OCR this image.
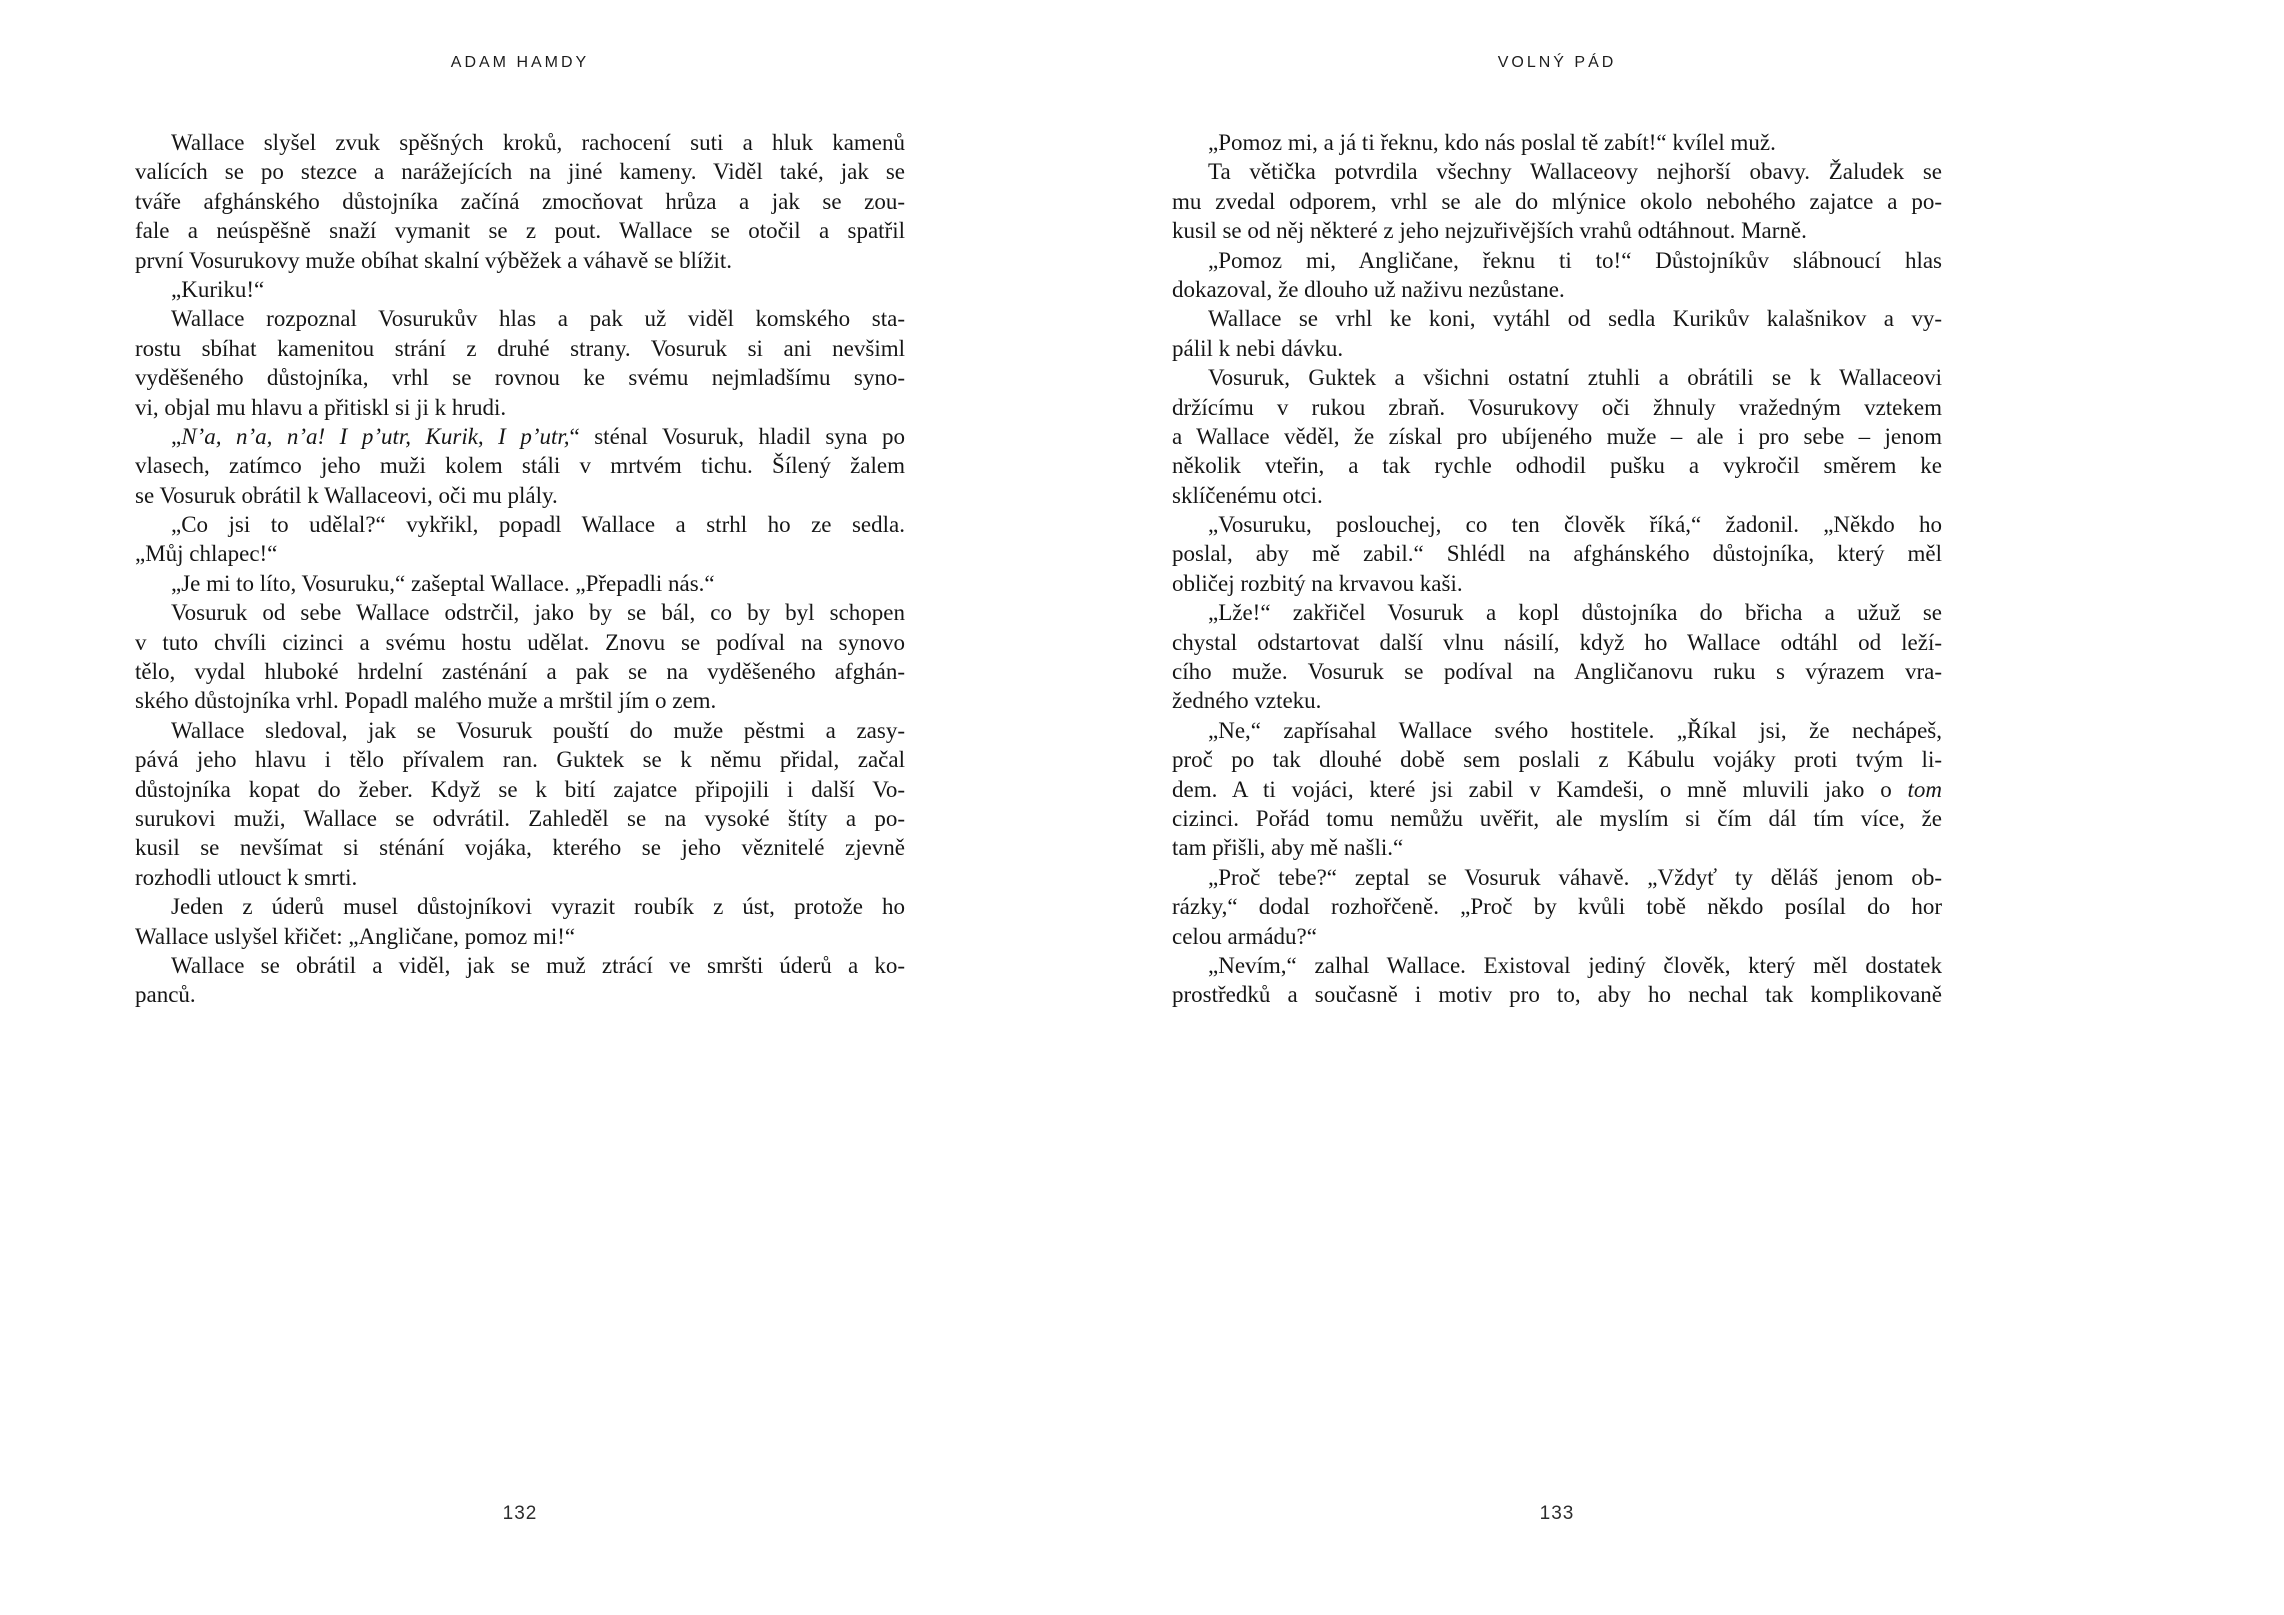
ADAM HAMDY	VOLNÝ PÁD
Wallace slyšel zvuk spěšných kroků, rachocení suti a hluk kamenů
valících se po stezce a narážejících na jiné kameny. Viděl také, jak se
tváře afghánského důstojníka začíná zmocňovat hrůza a jak se zou-
fale a neúspěšně snaží vymanit se z pout. Wallace se otočil a spatřil
první Vosurukovy muže obíhat skalní výběžek a váhavě se blížit.
„Kuriku!“
Wallace rozpoznal Vosurukův hlas a pak už viděl komského sta-
rostu sbíhat kamenitou strání z druhé strany. Vosuruk si ani nevšiml
vyděšeného důstojníka, vrhl se rovnou ke svému nejmladšímu syno-
vi, objal mu hlavu a přitiskl si ji k hrudi.
„N’a, n’a, n’a! I p’utr, Kurik, I p’utr,“ sténal Vosuruk, hladil syna po
vlasech, zatímco jeho muži kolem stáli v mrtvém tichu. Šílený žalem
se Vosuruk obrátil k Wallaceovi, oči mu plály.
„Co jsi to udělal?“ vykřikl, popadl Wallace a strhl ho ze sedla.
„Můj chlapec!“
„Je mi to líto, Vosuruku,“ zašeptal Wallace. „Přepadli nás.“
Vosuruk od sebe Wallace odstrčil, jako by se bál, co by byl schopen
v tuto chvíli cizinci a svému hostu udělat. Znovu se podíval na synovo
tělo, vydal hluboké hrdelní zasténání a pak se na vyděšeného afghán-
ského důstojníka vrhl. Popadl malého muže a mrštil jím o zem.
Wallace sledoval, jak se Vosuruk pouští do muže pěstmi a zasy-
pává jeho hlavu i tělo přívalem ran. Guktek se k němu přidal, začal
důstojníka kopat do žeber. Když se k bití zajatce připojili i další Vo-
surukovi muži, Wallace se odvrátil. Zahleděl se na vysoké štíty a po-
kusil se nevšímat si sténání vojáka, kterého se jeho věznitelé zjevně
rozhodli utlouct k smrti.
Jeden z úderů musel důstojníkovi vyrazit roubík z úst, protože ho
Wallace uslyšel křičet: „Angličane, pomoz mi!“
Wallace se obrátil a viděl, jak se muž ztrácí ve smršti úderů a ko-
panců.
„Pomoz mi, a já ti řeknu, kdo nás poslal tě zabít!“ kvílel muž.
Ta větička potvrdila všechny Wallaceovy nejhorší obavy. Žaludek se
mu zvedal odporem, vrhl se ale do mlýnice okolo nebohého zajatce a po-
kusil se od něj některé z jeho nejzuřivějších vrahů odtáhnout. Marně.
„Pomoz mi, Angličane, řeknu ti to!“ Důstojníkův slábnoucí hlas
dokazoval, že dlouho už naživu nezůstane.
Wallace se vrhl ke koni, vytáhl od sedla Kurikův kalašnikov a vy-
pálil k nebi dávku.
Vosuruk, Guktek a všichni ostatní ztuhli a obrátili se k Wallaceovi
držícímu v rukou zbraň. Vosurukovy oči žhnuly vražedným vztekem
a Wallace věděl, že získal pro ubíjeného muže – ale i pro sebe – jenom
několik vteřin, a tak rychle odhodil pušku a vykročil směrem ke
sklíčenému otci.
„Vosuruku, poslouchej, co ten člověk říká,“ žadonil. „Někdo ho
poslal, aby mě zabil.“ Shlédl na afghánského důstojníka, který měl
obličej rozbitý na krvavou kaši.
„Lže!“ zakřičel Vosuruk a kopl důstojníka do břicha a užuž se
chystal odstartovat další vlnu násilí, když ho Wallace odtáhl od leží-
cího muže. Vosuruk se podíval na Angličanovu ruku s výrazem vra-
žedného vzteku.
„Ne,“ zapřísahal Wallace svého hostitele. „Říkal jsi, že nechápeš,
proč po tak dlouhé době sem poslali z Kábulu vojáky proti tvým li-
dem. A ti vojáci, které jsi zabil v Kamdeši, o mně mluvili jako o tom
cizinci. Pořád tomu nemůžu uvěřit, ale myslím si čím dál tím více, že
tam přišli, aby mě našli.“
„Proč tebe?“ zeptal se Vosuruk váhavě. „Vždyť ty děláš jenom ob-
rázky,“ dodal rozhořčeně. „Proč by kvůli tobě někdo posílal do hor
celou armádu?“
„Nevím,“ zalhal Wallace. Existoval jediný člověk, který měl dostatek
prostředků a současně i motiv pro to, aby ho nechal tak komplikovaně
132	133
